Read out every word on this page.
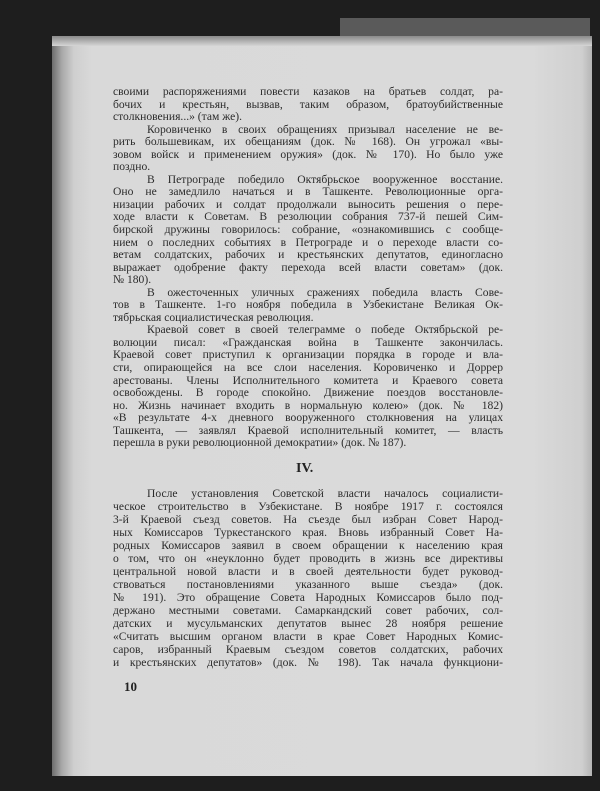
своими распоряжениями повести казаков на братьев солдат, ра-
бочих и крестьян, вызвав, таким образом, братоубийственные
столкновения...» (там же).
Коровиченко в своих обращениях призывал население не ве-
рить большевикам, их обещаниям (док. № 168). Он угрожал «вы-
зовом войск и применением оружия» (док. № 170). Но было уже
поздно.
В Петрограде победило Октябрьское вооруженное восстание.
Оно не замедлило начаться и в Ташкенте. Революционные орга-
низации рабочих и солдат продолжали выносить решения о пере-
ходе власти к Советам. В резолюции собрания 737-й пешей Сим-
бирской дружины говорилось: собрание, «ознакомившись с сообще-
нием о последних событиях в Петрограде и о переходе власти со-
ветам солдатских, рабочих и крестьянских депутатов, единогласно
выражает одобрение факту перехода всей власти советам» (док.
№ 180).
В ожесточенных уличных сражениях победила власть Сове-
тов в Ташкенте. 1-го ноября победила в Узбекистане Великая Ок-
тябрьская социалистическая революция.
Краевой совет в своей телеграмме о победе Октябрьской ре-
волюции писал: «Гражданская война в Ташкенте закончилась.
Краевой совет приступил к организации порядка в городе и вла-
сти, опирающейся на все слои населения. Коровиченко и Доррер
арестованы. Члены Исполнительного комитета и Краевого совета
освобождены. В городе спокойно. Движение поездов восстановле-
но. Жизнь начинает входить в нормальную колею» (док. № 182)
«В результате 4-х дневного вооруженного столкновения на улицах
Ташкента, — заявлял Краевой исполнительный комитет, — власть
перешла в руки революционной демократии» (док. № 187).
IV.
После установления Советской власти началось социалисти-
ческое строительство в Узбекистане. В ноябре 1917 г. состоялся
3-й Краевой съезд советов. На съезде был избран Совет Народ-
ных Комиссаров Туркестанского края. Вновь избранный Совет На-
родных Комиссаров заявил в своем обращении к населению края
о том, что он «неуклонно будет проводить в жизнь все директивы
центральной новой власти и в своей деятельности будет руковод-
ствоваться постановлениями указанного выше съезда» (док.
№ 191). Это обращение Совета Народных Комиссаров было под-
держано местными советами. Самаркандский совет рабочих, сол-
датских и мусульманских депутатов вынес 28 ноября решение
«Считать высшим органом власти в крае Совет Народных Комис-
саров, избранный Краевым съездом советов солдатских, рабочих
и крестьянских депутатов» (док. № 198). Так начала функциони-
10
